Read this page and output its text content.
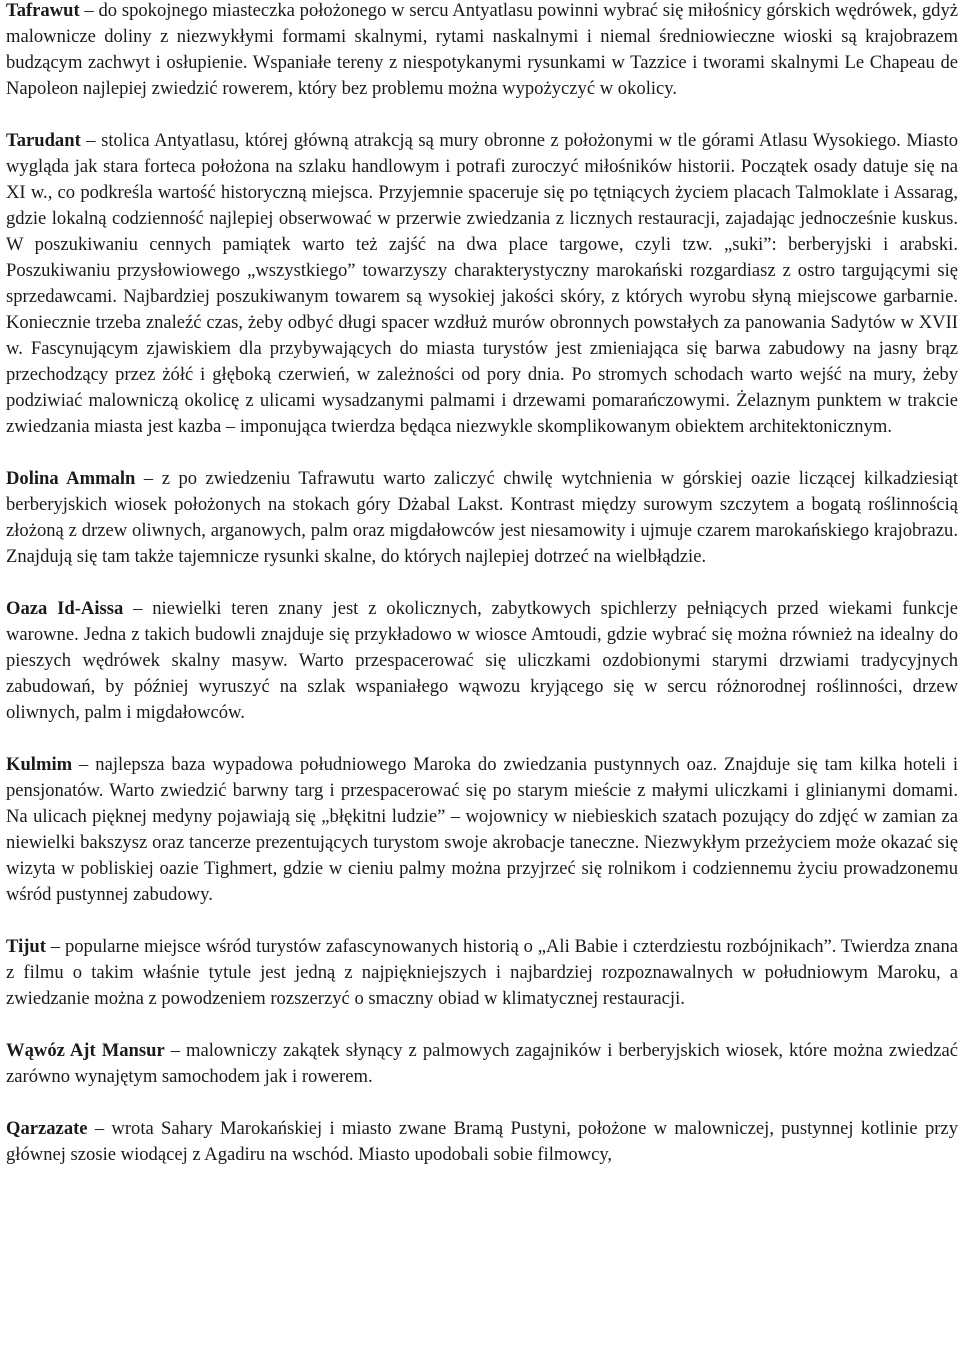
Tafrawut – do spokojnego miasteczka położonego w sercu Antyatlasu powinni wybrać się miłośnicy górskich wędrówek, gdyż malownicze doliny z niezwykłymi formami skalnymi, rytami naskalnymi i niemal średniowieczne wioski są krajobrazem budzącym zachwyt i osłupienie. Wspaniałe tereny z niespotykanymi rysunkami w Tazzice i tworami skalnymi Le Chapeau de Napoleon najlepiej zwiedzić rowerem, który bez problemu można wypożyczyć w okolicy.

Tarudant – stolica Antyatlasu, której główną atrakcją są mury obronne z położonymi w tle górami Atlasu Wysokiego. Miasto wygląda jak stara forteca położona na szlaku handlowym i potrafi zuroczyć miłośników historii. Początek osady datuje się na XI w., co podkreśla wartość historyczną miejsca. Przyjemnie spaceruje się po tętniących życiem placach Talmoklate i Assarag, gdzie lokalną codzienność najlepiej obserwować w przerwie zwiedzania z licznych restauracji, zajadając jednocześnie kuskus. W poszukiwaniu cennych pamiątek warto też zajść na dwa place targowe, czyli tzw. „suki”: berberyjski i arabski. Poszukiwaniu przysłowiowego „wszystkiego” towarzyszy charakterystyczny marokański rozgardiasz z ostro targującymi się sprzedawcami. Najbardziej poszukiwanym towarem są wysokiej jakości skóry, z których wyrobu słyną miejscowe garbarnie. Koniecznie trzeba znaleźć czas, żeby odbyć długi spacer wzdłuż murów obronnych powstałych za panowania Sadytów w XVII w. Fascynującym zjawiskiem dla przybywających do miasta turystów jest zmieniająca się barwa zabudowy na jasny brąz przechodzący przez żółć i głęboką czerwień, w zależności od pory dnia. Po stromych schodach warto wejść na mury, żeby podziwiać malowniczą okolicę z ulicami wysadzanymi palmami i drzewami pomarańczowymi. Żelaznym punktem w trakcie zwiedzania miasta jest kazba – imponująca twierdza będąca niezwykle skomplikowanym obiektem architektonicznym.

Dolina Ammaln – z po zwiedzeniu Tafrawutu warto zaliczyć chwilę wytchnienia w górskiej oazie liczącej kilkadziesiąt berberyjskich wiosek położonych na stokach góry Dżabal Lakst. Kontrast między surowym szczytem a bogatą roślinnością złożoną z drzew oliwnych, arganowych, palm oraz migdałowców jest niesamowity i ujmuje czarem marokańskiego krajobrazu. Znajdują się tam także tajemnicze rysunki skalne, do których najlepiej dotrzeć na wielbłądzie.

Oaza Id-Aissa – niewielki teren znany jest z okolicznych, zabytkowych spichlerzy pełniących przed wiekami funkcje warowne. Jedna z takich budowli znajduje się przykładowo w wiosce Amtoudi, gdzie wybrać się można również na idealny do pieszych wędrówek skalny masyw. Warto przespacerować się uliczkami ozdobionymi starymi drzwiami tradycyjnych zabudowań, by później wyruszyć na szlak wspaniałego wąwozu kryjącego się w sercu różnorodnej roślinności, drzew oliwnych, palm i migdałowców.

Kulmim – najlepsza baza wypadowa południowego Maroka do zwiedzania pustynnych oaz. Znajduje się tam kilka hoteli i pensjonatów. Warto zwiedzić barwny targ i przespacerować się po starym mieście z małymi uliczkami i glinianymi domami. Na ulicach pięknej medyny pojawiają się „błękitni ludzie” – wojownicy w niebieskich szatach pozujący do zdjęć w zamian za niewielki bakszysz oraz tancerze prezentujących turystom swoje akrobacje taneczne. Niezwykłym przeżyciem może okazać się wizyta w pobliskiej oazie Tighmert, gdzie w cieniu palmy można przyjrzeć się rolnikom i codziennemu życiu prowadzonemu wśród pustynnej zabudowy.

Tijut – popularne miejsce wśród turystów zafascynowanych historią o „Ali Babie i czterdziestu rozbójnikach”. Twierdza znana z filmu o takim właśnie tytule jest jedną z najpiękniejszych i najbardziej rozpoznawalnych w południowym Maroku, a zwiedzanie można z powodzeniem rozszerzyć o smaczny obiad w klimatycznej restauracji.

Wąwóz Ajt Mansur – malowniczy zakątek słynący z palmowych zagajników i berberyjskich wiosek, które można zwiedzać zarówno wynajętym samochodem jak i rowerem.

Qarzazate – wrota Sahary Marokańskiej i miasto zwane Bramą Pustyni, położone w malowniczej, pustynnej kotlinie przy głównej szosie wiodącej z Agadiru na wschód. Miasto upodobali sobie filmowcy,
